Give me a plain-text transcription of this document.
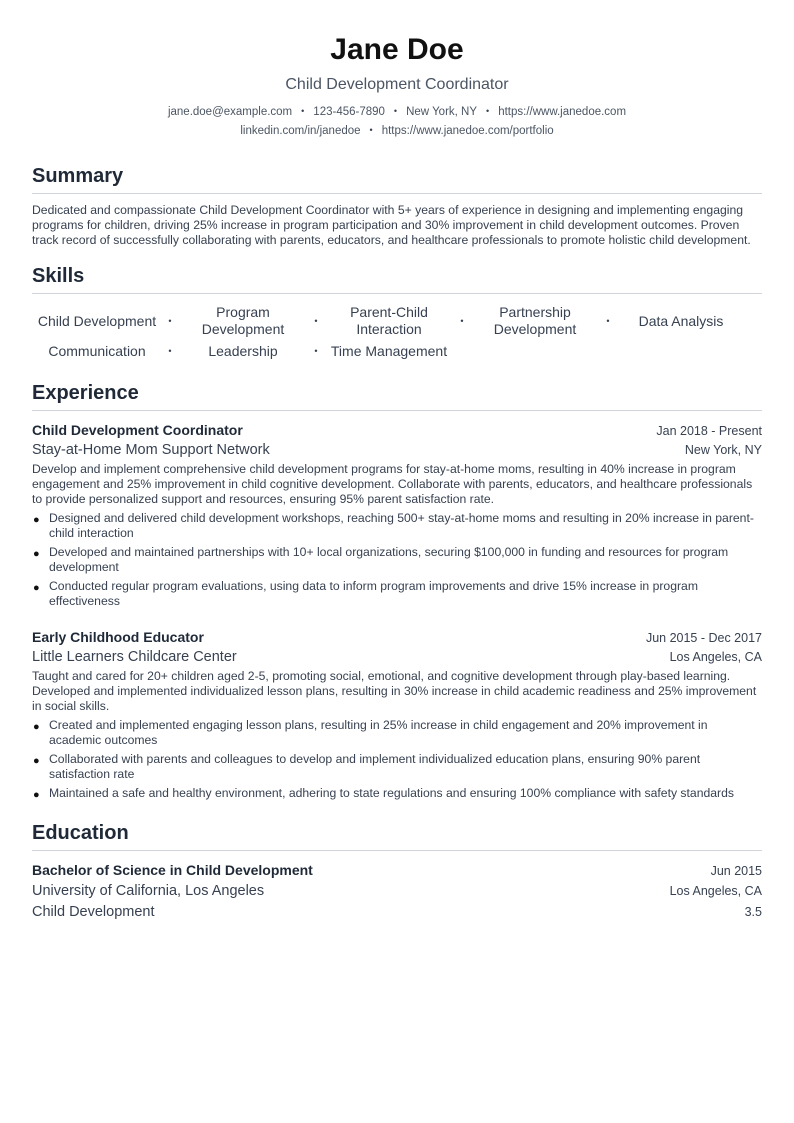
Jane Doe
Child Development Coordinator
jane.doe@example.com • 123-456-7890 • New York, NY • https://www.janedoe.com
linkedin.com/in/janedoe • https://www.janedoe.com/portfolio
Summary
Dedicated and compassionate Child Development Coordinator with 5+ years of experience in designing and implementing engaging programs for children, driving 25% increase in program participation and 30% improvement in child development outcomes. Proven track record of successfully collaborating with parents, educators, and healthcare professionals to promote holistic child development.
Skills
Child Development	•
Program Development	•
Parent-Child Interaction	•
Partnership Development	•	Data Analysis
Communication	•	Leadership	• Time Management
Experience
Child Development Coordinator	Jan 2018 - Present
Stay-at-Home Mom Support Network	New York, NY
Develop and implement comprehensive child development programs for stay-at-home moms, resulting in 40% increase in program engagement and 25% improvement in child cognitive development. Collaborate with parents, educators, and healthcare professionals to provide personalized support and resources, ensuring 95% parent satisfaction rate.
● Designed and delivered child development workshops, reaching 500+ stay-at-home moms and resulting in 20% increase in parent-child interaction
● Developed and maintained partnerships with 10+ local organizations, securing $100,000 in funding and resources for program development
● Conducted regular program evaluations, using data to inform program improvements and drive 15% increase in program effectiveness
Early Childhood Educator	Jun 2015 - Dec 2017
Little Learners Childcare Center	Los Angeles, CA
Taught and cared for 20+ children aged 2-5, promoting social, emotional, and cognitive development through play-based learning. Developed and implemented individualized lesson plans, resulting in 30% increase in child academic readiness and 25% improvement in social skills.
● Created and implemented engaging lesson plans, resulting in 25% increase in child engagement and 20% improvement in academic outcomes
● Collaborated with parents and colleagues to develop and implement individualized education plans, ensuring 90% parent satisfaction rate
● Maintained a safe and healthy environment, adhering to state regulations and ensuring 100% compliance with safety standards
Education
Bachelor of Science in Child Development	Jun 2015
University of California, Los Angeles	Los Angeles, CA
Child Development	3.5
